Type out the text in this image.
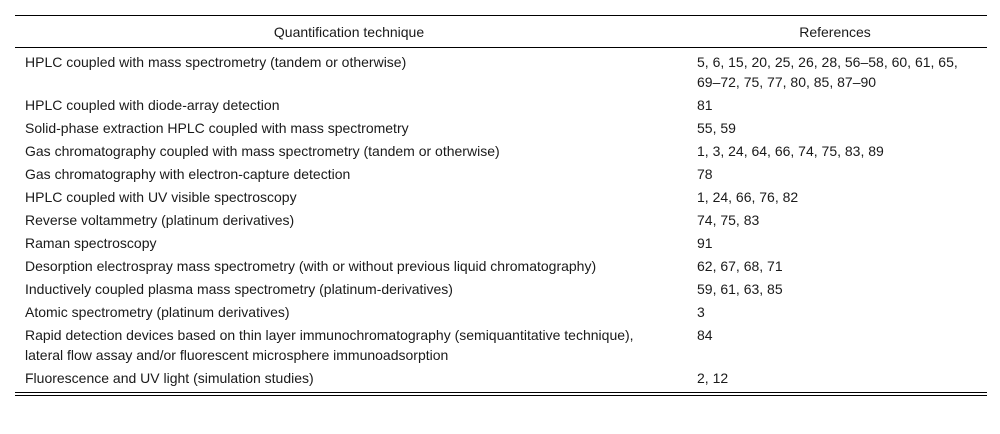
Quantification technique	References
HPLC coupled with mass spectrometry (tandem or otherwise)	5, 6, 15, 20, 25, 26, 28, 56–58, 60, 61, 65, 69–72, 75, 77, 80, 85, 87–90
HPLC coupled with diode-array detection	81
Solid-phase extraction HPLC coupled with mass spectrometry	55, 59
Gas chromatography coupled with mass spectrometry (tandem or otherwise)	1, 3, 24, 64, 66, 74, 75, 83, 89
Gas chromatography with electron-capture detection	78
HPLC coupled with UV visible spectroscopy	1, 24, 66, 76, 82
Reverse voltammetry (platinum derivatives)	74, 75, 83
Raman spectroscopy	91
Desorption electrospray mass spectrometry (with or without previous liquid chromatography)	62, 67, 68, 71
Inductively coupled plasma mass spectrometry (platinum-derivatives)	59, 61, 63, 85
Atomic spectrometry (platinum derivatives)	3
Rapid detection devices based on thin layer immunochromatography (semiquantitative technique), lateral flow assay and/or fluorescent microsphere immunoadsorption	84
Fluorescence and UV light (simulation studies)	2, 12
